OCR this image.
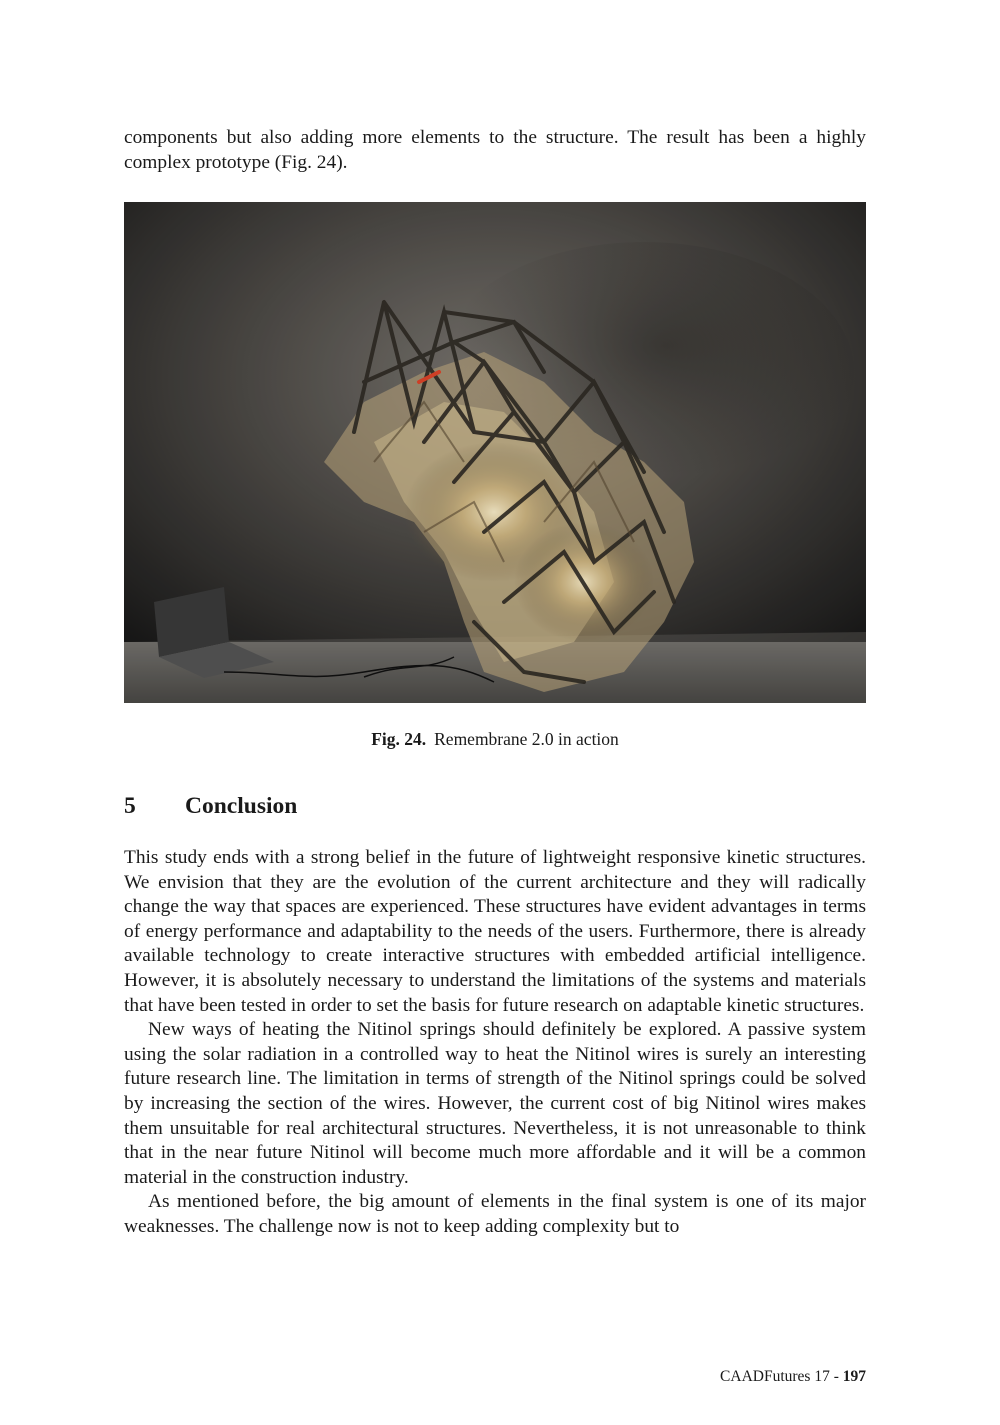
components but also adding more elements to the structure. The result has been a highly complex prototype (Fig. 24).

Fig. 24. Remembrane 2.0 in action
5 Conclusion

This study ends with a strong belief in the future of lightweight responsive kinetic structures. We envision that they are the evolution of the current architecture and they will radically change the way that spaces are experienced. These structures have evident advantages in terms of energy performance and adaptability to the needs of the users. Furthermore, there is already available technology to create interactive structures with embedded artificial intelligence. However, it is absolutely necessary to understand the limitations of the systems and materials that have been tested in order to set the basis for future research on adaptable kinetic structures.

New ways of heating the Nitinol springs should definitely be explored. A passive system using the solar radiation in a controlled way to heat the Nitinol wires is surely an interesting future research line. The limitation in terms of strength of the Nitinol springs could be solved by increasing the section of the wires. However, the current cost of big Nitinol wires makes them unsuitable for real architectural structures. Nevertheless, it is not unreasonable to think that in the near future Nitinol will become much more affordable and it will be a common material in the construction industry.

As mentioned before, the big amount of elements in the final system is one of its major weaknesses. The challenge now is not to keep adding complexity but to

CAADFutures 17 - 197
